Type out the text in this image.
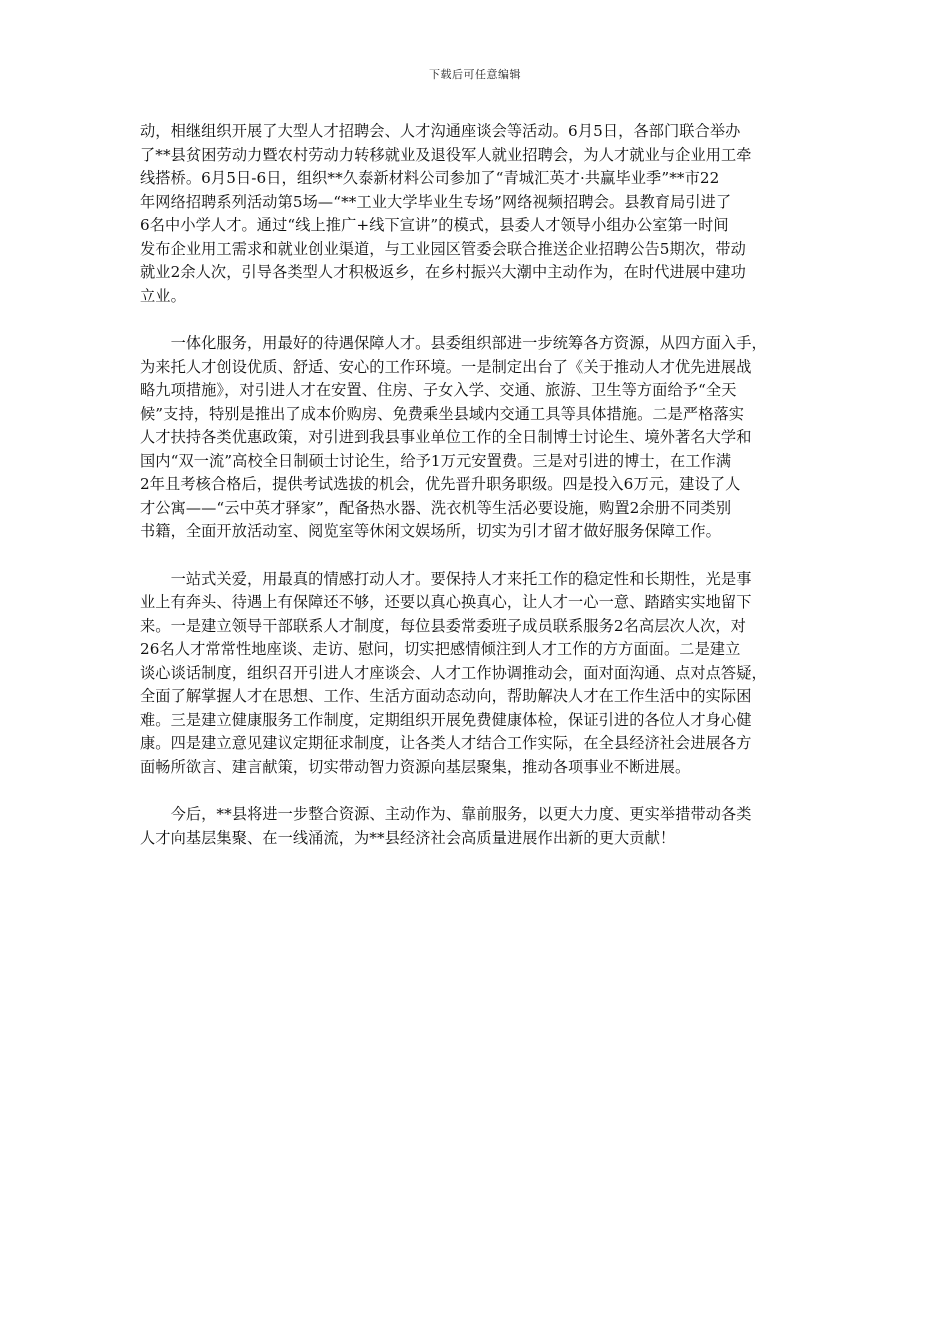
下载后可任意编辑

动，相继组织开展了大型人才招聘会、人才沟通座谈会等活动。6月5日，各部门联合举办
了**县贫困劳动力暨农村劳动力转移就业及退役军人就业招聘会，为人才就业与企业用工牵
线搭桥。6月5日-6日，组织**久泰新材料公司参加了“青城汇英才·共赢毕业季”**市22
年网络招聘系列活动第5场—“**工业大学毕业生专场”网络视频招聘会。县教育局引进了
6名中小学人才。通过“线上推广+线下宣讲”的模式，县委人才领导小组办公室第一时间
发布企业用工需求和就业创业渠道，与工业园区管委会联合推送企业招聘公告5期次，带动
就业2余人次，引导各类型人才积极返乡，在乡村振兴大潮中主动作为，在时代进展中建功
立业。

　　一体化服务，用最好的待遇保障人才。县委组织部进一步统筹各方资源，从四方面入手，
为来托人才创设优质、舒适、安心的工作环境。一是制定出台了《关于推动人才优先进展战
略九项措施》，对引进人才在安置、住房、子女入学、交通、旅游、卫生等方面给予“全天
候”支持，特别是推出了成本价购房、免费乘坐县域内交通工具等具体措施。二是严格落实
人才扶持各类优惠政策，对引进到我县事业单位工作的全日制博士讨论生、境外著名大学和
国内“双一流”高校全日制硕士讨论生，给予1万元安置费。三是对引进的博士，在工作满
2年且考核合格后，提供考试选拔的机会，优先晋升职务职级。四是投入6万元，建设了人
才公寓——“云中英才驿家”，配备热水器、洗衣机等生活必要设施，购置2余册不同类别
书籍，全面开放活动室、阅览室等休闲文娱场所，切实为引才留才做好服务保障工作。

　　一站式关爱，用最真的情感打动人才。要保持人才来托工作的稳定性和长期性，光是事
业上有奔头、待遇上有保障还不够，还要以真心换真心，让人才一心一意、踏踏实实地留下
来。一是建立领导干部联系人才制度，每位县委常委班子成员联系服务2名高层次人次，对
26名人才常常性地座谈、走访、慰问，切实把感情倾注到人才工作的方方面面。二是建立
谈心谈话制度，组织召开引进人才座谈会、人才工作协调推动会，面对面沟通、点对点答疑，
全面了解掌握人才在思想、工作、生活方面动态动向，帮助解决人才在工作生活中的实际困
难。三是建立健康服务工作制度，定期组织开展免费健康体检，保证引进的各位人才身心健
康。四是建立意见建议定期征求制度，让各类人才结合工作实际，在全县经济社会进展各方
面畅所欲言、建言献策，切实带动智力资源向基层聚集，推动各项事业不断进展。

　　今后，**县将进一步整合资源、主动作为、靠前服务，以更大力度、更实举措带动各类
人才向基层集聚、在一线涌流，为**县经济社会高质量进展作出新的更大贡献！
